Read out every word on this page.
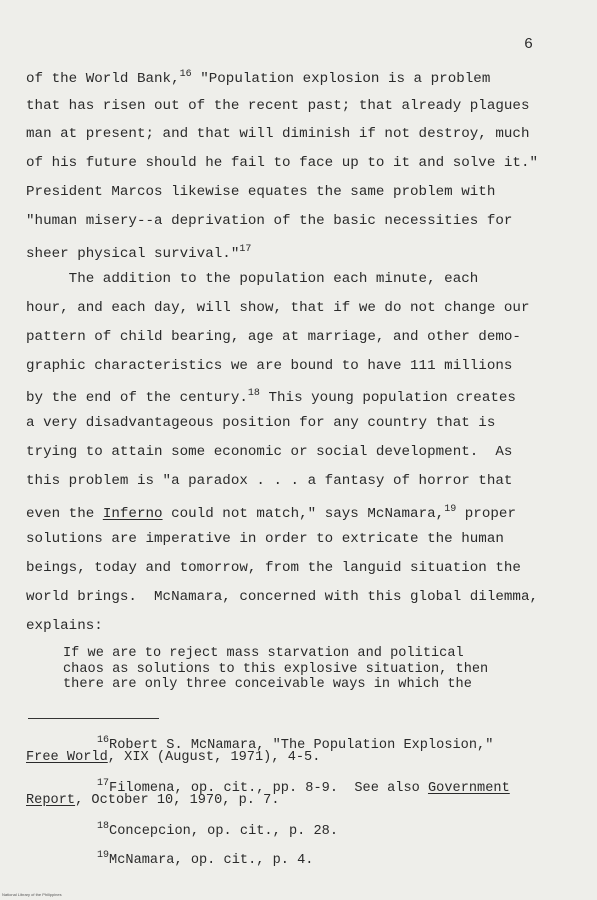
6
of the World Bank,$^{16}$ "Population explosion is a problem
that has risen out of the recent past; that already plagues
man at present; and that will diminish if not destroy, much
of his future should he fail to face up to it and solve it."
President Marcos likewise equates the same problem with
"human misery--a deprivation of the basic necessities for
sheer physical survival."$^{17}$
The addition to the population each minute, each
hour, and each day, will show, that if we do not change our
pattern of child bearing, age at marriage, and other demo-
graphic characteristics we are bound to have 111 millions
by the end of the century.$^{18}$ This young population creates
a very disadvantageous position for any country that is
trying to attain some economic or social development.  As
this problem is "a paradox . . . a fantasy of horror that
even the Inferno could not match," says McNamara,$^{19}$ proper
solutions are imperative in order to extricate the human
beings, today and tomorrow, from the languid situation the
world brings.  McNamara, concerned with this global dilemma,
explains:
If we are to reject mass starvation and political
chaos as solutions to this explosive situation, then
there are only three conceivable ways in which the
$^{16}$Robert S. McNamara, "The Population Explosion,"
Free World, XIX (August, 1971), 4-5.
$^{17}$Filomena, op. cit., pp. 8-9.  See also Government
Report, October 10, 1970, p. 7.
$^{18}$Concepcion, op. cit., p. 28.
$^{19}$McNamara, op. cit., p. 4.
National Library of the Philippines
